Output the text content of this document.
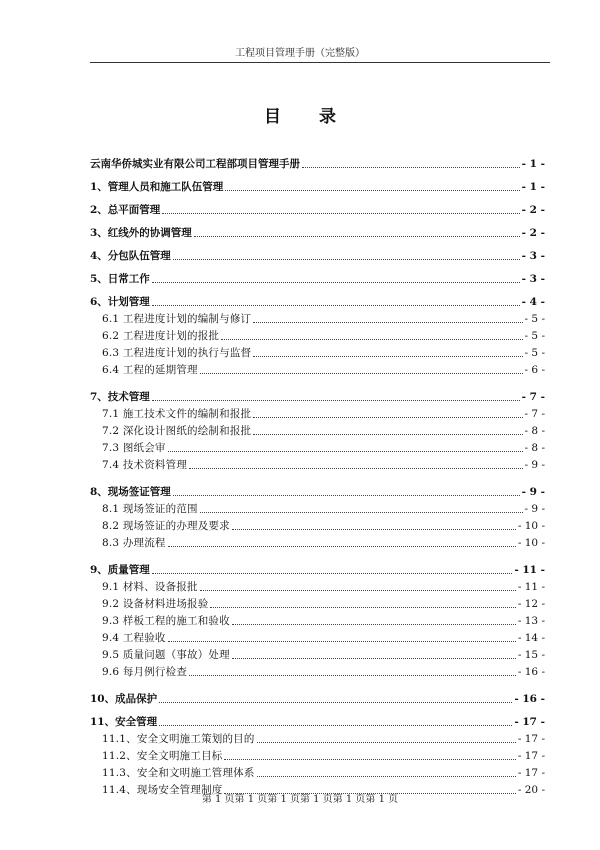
工程项目管理手册（完整版）
目录
云南华侨城实业有限公司工程部项目管理手册	- 1 -
1、管理人员和施工队伍管理	- 1 -
2、总平面管理	- 2 -
3、红线外的协调管理	- 2 -
4、分包队伍管理	- 3 -
5、日常工作	- 3 -
6、计划管理	- 4 -
6.1 工程进度计划的编制与修订	- 5 -
6.2 工程进度计划的报批	- 5 -
6.3 工程进度计划的执行与监督	- 5 -
6.4 工程的延期管理	- 6 -
7、技术管理	- 7 -
7.1 施工技术文件的编制和报批	- 7 -
7.2 深化设计图纸的绘制和报批	- 8 -
7.3 图纸会审	- 8 -
7.4 技术资料管理	- 9 -
8、现场签证管理	- 9 -
8.1 现场签证的范围	- 9 -
8.2 现场签证的办理及要求	- 10 -
8.3 办理流程	- 10 -
9、质量管理	- 11 -
9.1 材料、设备报批	- 11 -
9.2 设备材料进场报验	- 12 -
9.3 样板工程的施工和验收	- 13 -
9.4 工程验收	- 14 -
9.5 质量问题（事故）处理	- 15 -
9.6 每月例行检查	- 16 -
10、成品保护	- 16 -
11、安全管理	- 17 -
11.1、安全文明施工策划的目的	- 17 -
11.2、安全文明施工目标	- 17 -
11.3、安全和文明施工管理体系	- 17 -
11.4、现场安全管理制度	- 20 -
第 1 页第 1 页第 1 页第 1 页第 1 页第 1 页
